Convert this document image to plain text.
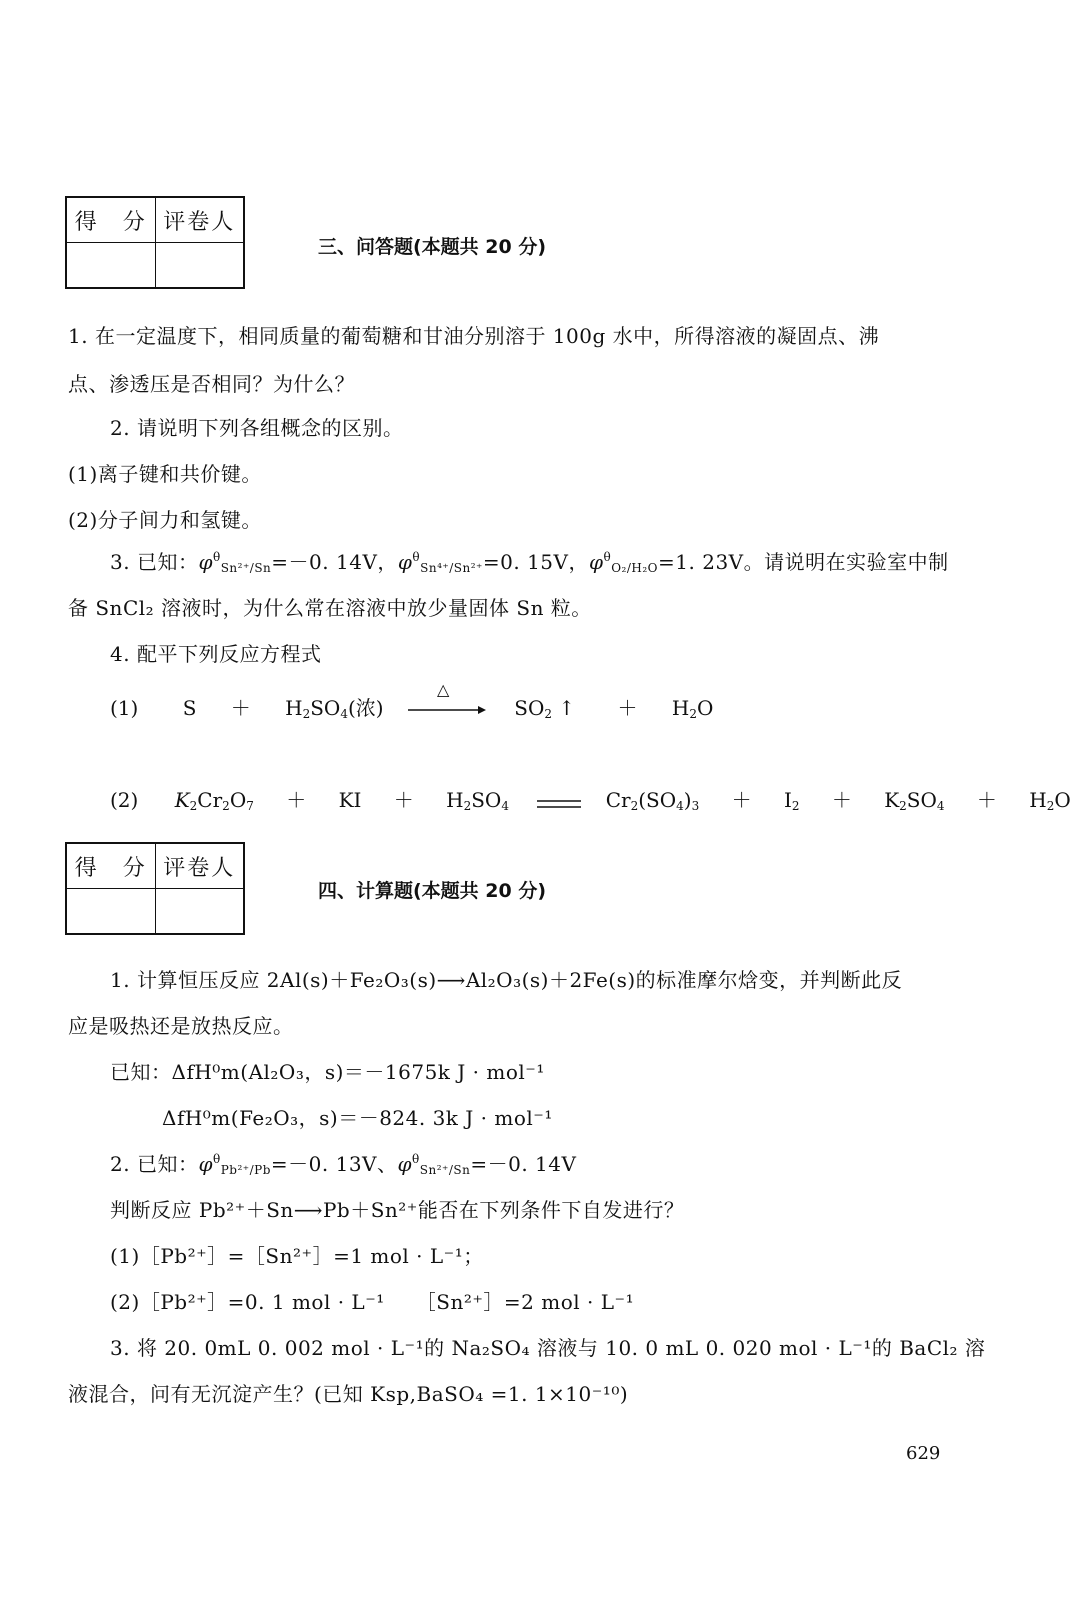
得　分	评卷人

三、问答题(本题共 20 分)
1. 在一定温度下，相同质量的葡萄糖和甘油分别溶于 100g 水中，所得溶液的凝固点、沸
点、渗透压是否相同？为什么？
2. 请说明下列各组概念的区别。
(1)离子键和共价键。
(2)分子间力和氢键。
3. 已知：$\varphi^\theta_{Sn^{2+}/Sn}=-0$. 14V，$\varphi^\theta_{Sn^{4+}/Sn^{2+}}=0$. 15V，$\varphi^\theta_{O_2/H_2O}=1$. 23V。请说明在实验室中制
备 SnCl₂ 溶液时，为什么常在溶液中放少量固体 Sn 粒。
4. 配平下列反应方程式
(1) $S + H_2SO_4$(浓)
△
$SO_2$ ↑ ＋ $H_2O$
(2) $K_2Cr_2O_7$ ＋ KI ＋ $H_2SO_4$	$Cr_2(SO_4)_3 + I_2 + K_2SO_4 + H_2O$
得　分	评卷人

四、计算题(本题共 20 分)
1. 计算恒压反应 2Al(s)＋Fe₂O₃(s)⟶Al₂O₃(s)＋2Fe(s)的标准摩尔焓变，并判断此反
应是吸热还是放热反应。
已知：ΔfH⁰m(Al₂O₃，s)＝－1675k J · mol⁻¹
ΔfH⁰m(Fe₂O₃，s)＝－824. 3k J · mol⁻¹
2. 已知：$\varphi^\theta_{Pb^{2+}/Pb}=-0$. 13V、$\varphi^\theta_{Sn^{2+}/Sn}=-0$. 14V
判断反应 Pb²⁺＋Sn⟶Pb＋Sn²⁺能否在下列条件下自发进行？
(1)［Pb²⁺］=［Sn²⁺］=1 mol · L⁻¹；
(2)［Pb²⁺］=0. 1 mol · L⁻¹　　［Sn²⁺］=2 mol · L⁻¹
3. 将 20. 0mL 0. 002 mol · L⁻¹的 Na₂SO₄ 溶液与 10. 0 mL 0. 020 mol · L⁻¹的 BaCl₂ 溶
液混合，问有无沉淀产生？(已知 Ksp,BaSO₄ =1. 1×10⁻¹⁰)
629
